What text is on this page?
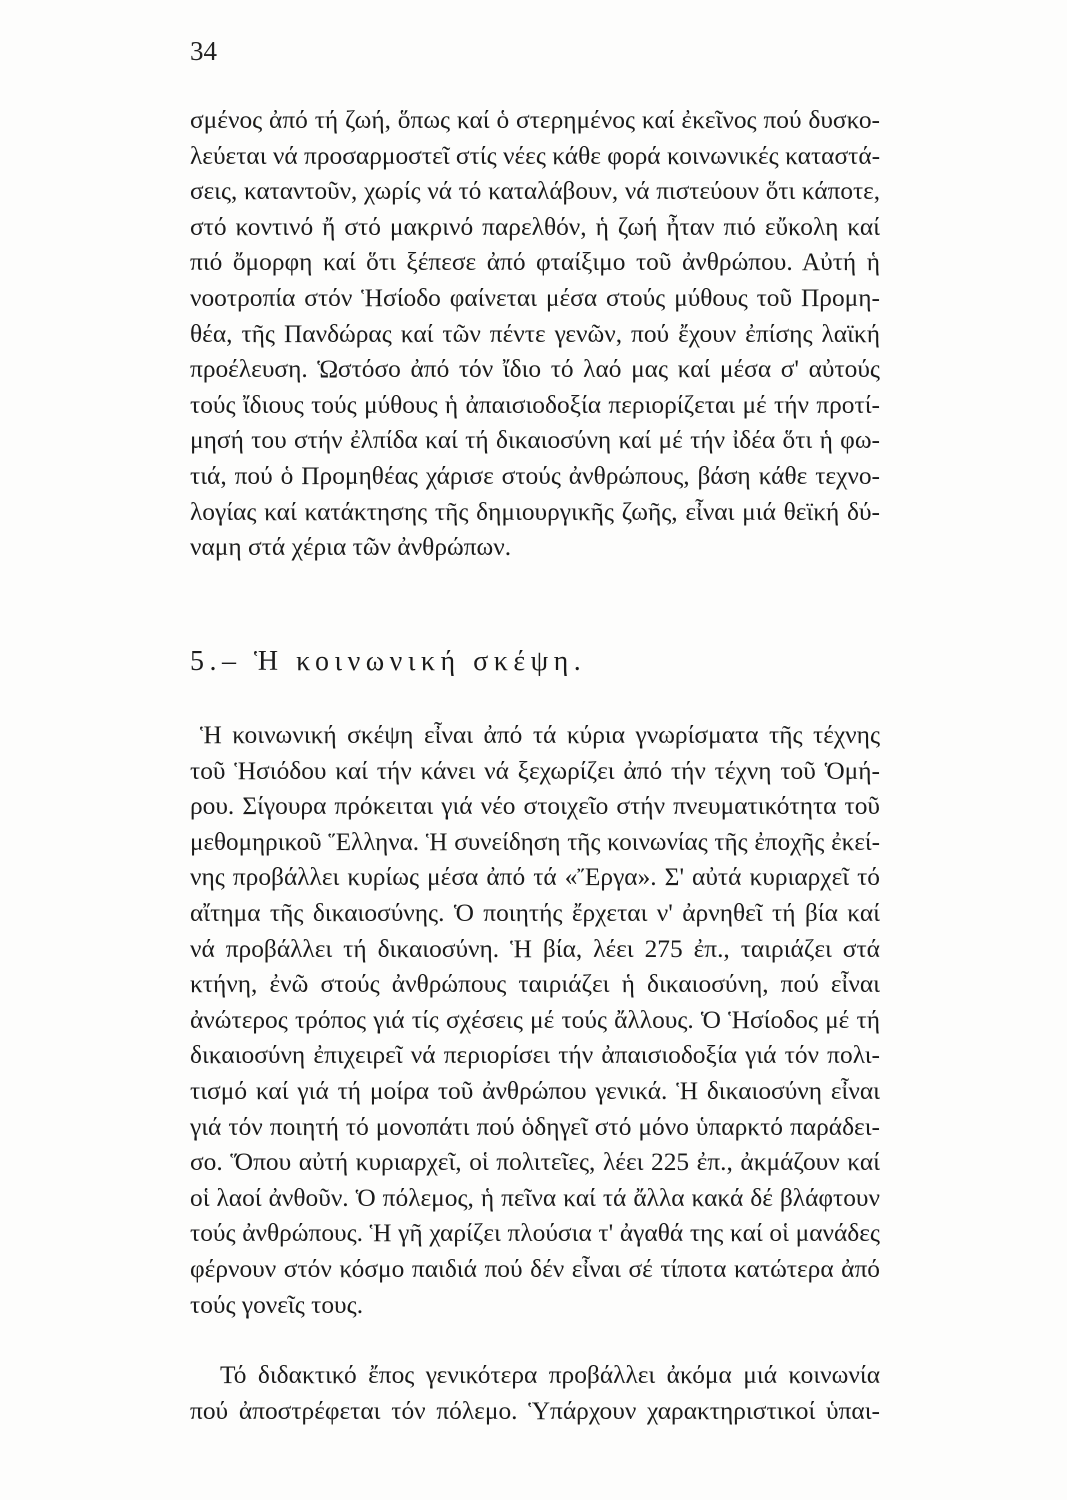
34
σμένος ἀπό τή ζωή, ὅπως καί ὁ στερημένος καί ἐκεῖνος πού δυσκο-
λεύεται νά προσαρμοστεῖ στίς νέες κάθε φορά κοινωνικές καταστά-
σεις, καταντοῦν, χωρίς νά τό καταλάβουν, νά πιστεύουν ὅτι κάποτε,
στό κοντινό ἤ στό μακρινό παρελθόν, ἡ ζωή ἦταν πιό εὔκολη καί
πιό ὄμορφη καί ὅτι ξέπεσε ἀπό φταίξιμο τοῦ ἀνθρώπου. Αὐτή ἡ
νοοτροπία στόν Ἡσίοδο φαίνεται μέσα στούς μύθους τοῦ Προμη-
θέα, τῆς Πανδώρας καί τῶν πέντε γενῶν, πού ἔχουν ἐπίσης λαϊκή
προέλευση. Ὡστόσο ἀπό τόν ἴδιο τό λαό μας καί μέσα σ' αὐτούς
τούς ἴδιους τούς μύθους ἡ ἀπαισιοδοξία περιορίζεται μέ τήν προτί-
μησή του στήν ἐλπίδα καί τή δικαιοσύνη καί μέ τήν ἰδέα ὅτι ἡ φω-
τιά, πού ὁ Προμηθέας χάρισε στούς ἀνθρώπους, βάση κάθε τεχνο-
λογίας καί κατάκτησης τῆς δημιουργικῆς ζωῆς, εἶναι μιά θεϊκή δύ-
ναμη στά χέρια τῶν ἀνθρώπων.
5.– Ἡ κοινωνική σκέψη.
Ἡ κοινωνική σκέψη εἶναι ἀπό τά κύρια γνωρίσματα τῆς τέχνης
τοῦ Ἡσιόδου καί τήν κάνει νά ξεχωρίζει ἀπό τήν τέχνη τοῦ Ὁμή-
ρου. Σίγουρα πρόκειται γιά νέο στοιχεῖο στήν πνευματικότητα τοῦ
μεθομηρικοῦ Ἕλληνα. Ἡ συνείδηση τῆς κοινωνίας τῆς ἐποχῆς ἐκεί-
νης προβάλλει κυρίως μέσα ἀπό τά «Ἔργα». Σ' αὐτά κυριαρχεῖ τό
αἴτημα τῆς δικαιοσύνης. Ὁ ποιητής ἔρχεται ν' ἀρνηθεῖ τή βία καί
νά προβάλλει τή δικαιοσύνη. Ἡ βία, λέει 275 ἐπ., ταιριάζει στά
κτήνη, ἐνῶ στούς ἀνθρώπους ταιριάζει ἡ δικαιοσύνη, πού εἶναι
ἀνώτερος τρόπος γιά τίς σχέσεις μέ τούς ἄλλους. Ὁ Ἡσίοδος μέ τή
δικαιοσύνη ἐπιχειρεῖ νά περιορίσει τήν ἀπαισιοδοξία γιά τόν πολι-
τισμό καί γιά τή μοίρα τοῦ ἀνθρώπου γενικά. Ἡ δικαιοσύνη εἶναι
γιά τόν ποιητή τό μονοπάτι πού ὁδηγεῖ στό μόνο ὑπαρκτό παράδει-
σο. Ὅπου αὐτή κυριαρχεῖ, οἱ πολιτεῖες, λέει 225 ἐπ., ἀκμάζουν καί
οἱ λαοί ἀνθοῦν. Ὁ πόλεμος, ἡ πεῖνα καί τά ἄλλα κακά δέ βλάφτουν
τούς ἀνθρώπους. Ἡ γῆ χαρίζει πλούσια τ' ἀγαθά της καί οἱ μανάδες
φέρνουν στόν κόσμο παιδιά πού δέν εἶναι σέ τίποτα κατώτερα ἀπό
τούς γονεῖς τους.
Τό διδακτικό ἔπος γενικότερα προβάλλει ἀκόμα μιά κοινωνία
πού ἀποστρέφεται τόν πόλεμο. Ὑπάρχουν χαρακτηριστικοί ὑπαι-
